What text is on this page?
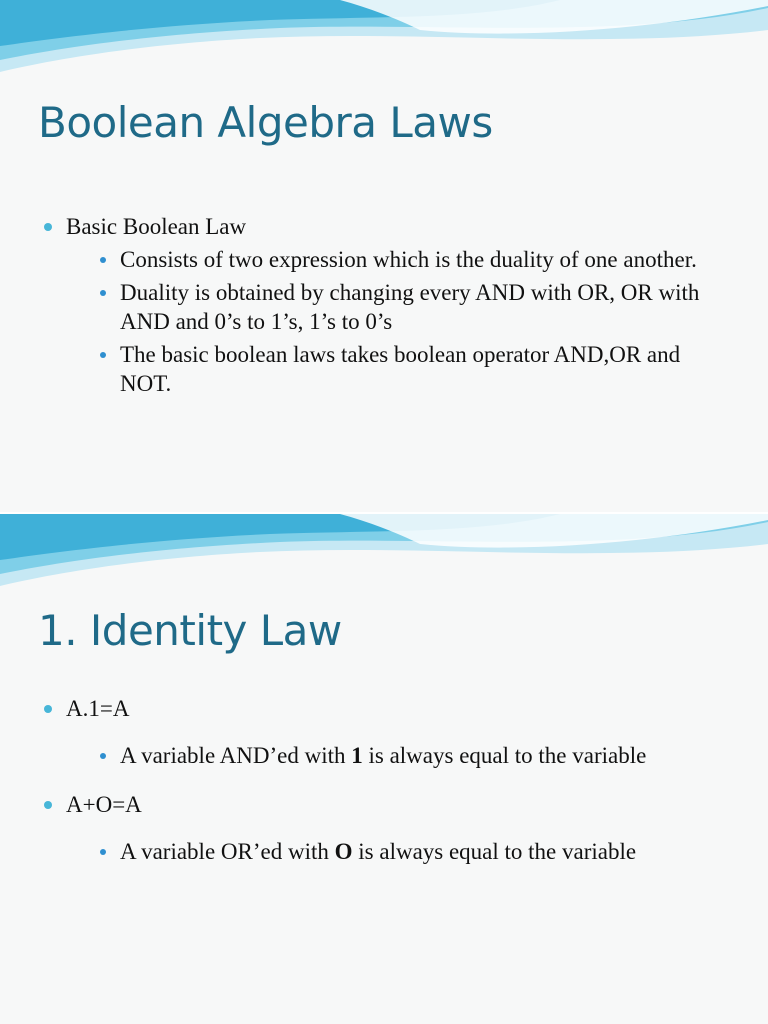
Boolean Algebra Laws
Basic Boolean Law
Consists of two expression which is the duality of one another.
Duality is obtained by changing every AND with OR, OR with AND and 0’s to 1’s, 1’s to 0’s
The basic boolean laws takes boolean operator AND,OR and NOT.
1. Identity Law
A.1=A
A variable AND’ed with 1 is always equal to the variable
A+O=A
A variable OR’ed with O is always equal to the variable
